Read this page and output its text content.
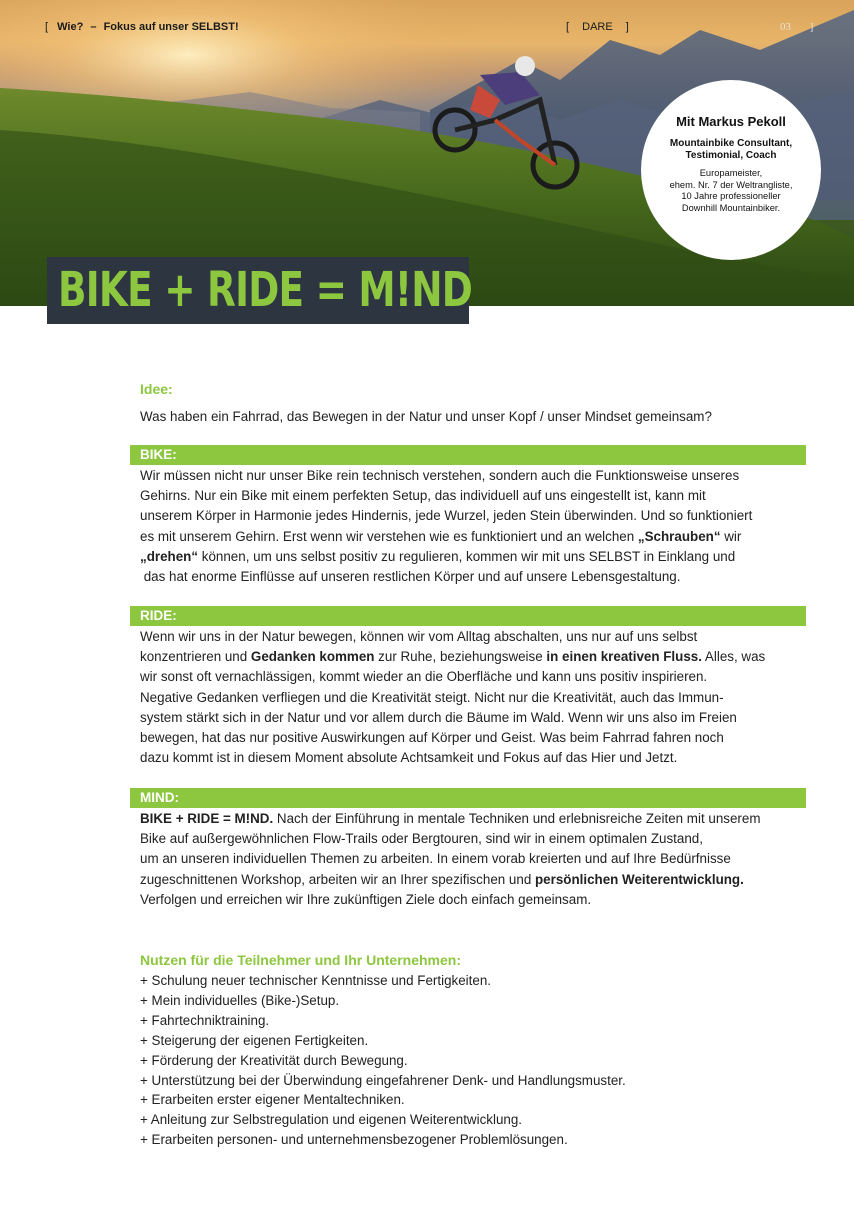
[ Wie? – Fokus auf unser SELBST!	[ DARE ]	03 ]
Mit Markus Pekoll
Mountainbike Consultant,
Testimonial, Coach
Europameister,
ehem. Nr. 7 der Weltrangliste,
10 Jahre professioneller
Downhill Mountainbiker.
BIKE + RIDE = M!ND
Idee:
Was haben ein Fahrrad, das Bewegen in der Natur und unser Kopf / unser Mindset gemeinsam?
BIKE:
Wir müssen nicht nur unser Bike rein technisch verstehen, sondern auch die Funktionsweise unseres
Gehirns. Nur ein Bike mit einem perfekten Setup, das individuell auf uns eingestellt ist, kann mit
unserem Körper in Harmonie jedes Hindernis, jede Wurzel, jeden Stein überwinden. Und so funktioniert
es mit unserem Gehirn. Erst wenn wir verstehen wie es funktioniert und an welchen „Schrauben“ wir
„drehen“ können, um uns selbst positiv zu regulieren, kommen wir mit uns SELBST in Einklang und
das hat enorme Einflüsse auf unseren restlichen Körper und auf unsere Lebensgestaltung.
RIDE:
Wenn wir uns in der Natur bewegen, können wir vom Alltag abschalten, uns nur auf uns selbst
konzentrieren und Gedanken kommen zur Ruhe, beziehungsweise in einen kreativen Fluss. Alles, was
wir sonst oft vernachlässigen, kommt wieder an die Oberfläche und kann uns positiv inspirieren.
Negative Gedanken verfliegen und die Kreativität steigt. Nicht nur die Kreativität, auch das Immun-
system stärkt sich in der Natur und vor allem durch die Bäume im Wald. Wenn wir uns also im Freien
bewegen, hat das nur positive Auswirkungen auf Körper und Geist. Was beim Fahrrad fahren noch
dazu kommt ist in diesem Moment absolute Achtsamkeit und Fokus auf das Hier und Jetzt.
MIND:
BIKE + RIDE = M!ND. Nach der Einführung in mentale Techniken und erlebnisreiche Zeiten mit unserem
Bike auf außergewöhnlichen Flow-Trails oder Bergtouren, sind wir in einem optimalen Zustand,
um an unseren individuellen Themen zu arbeiten. In einem vorab kreierten und auf Ihre Bedürfnisse
zugeschnittenen Workshop, arbeiten wir an Ihrer spezifischen und persönlichen Weiterentwicklung.
Verfolgen und erreichen wir Ihre zukünftigen Ziele doch einfach gemeinsam.
Nutzen für die Teilnehmer und Ihr Unternehmen:
+ Schulung neuer technischer Kenntnisse und Fertigkeiten.
+ Mein individuelles (Bike-)Setup.
+ Fahrtechniktraining.
+ Steigerung der eigenen Fertigkeiten.
+ Förderung der Kreativität durch Bewegung.
+ Unterstützung bei der Überwindung eingefahrener Denk- und Handlungsmuster.
+ Erarbeiten erster eigener Mentaltechniken.
+ Anleitung zur Selbstregulation und eigenen Weiterentwicklung.
+ Erarbeiten personen- und unternehmensbezogener Problemlösungen.
